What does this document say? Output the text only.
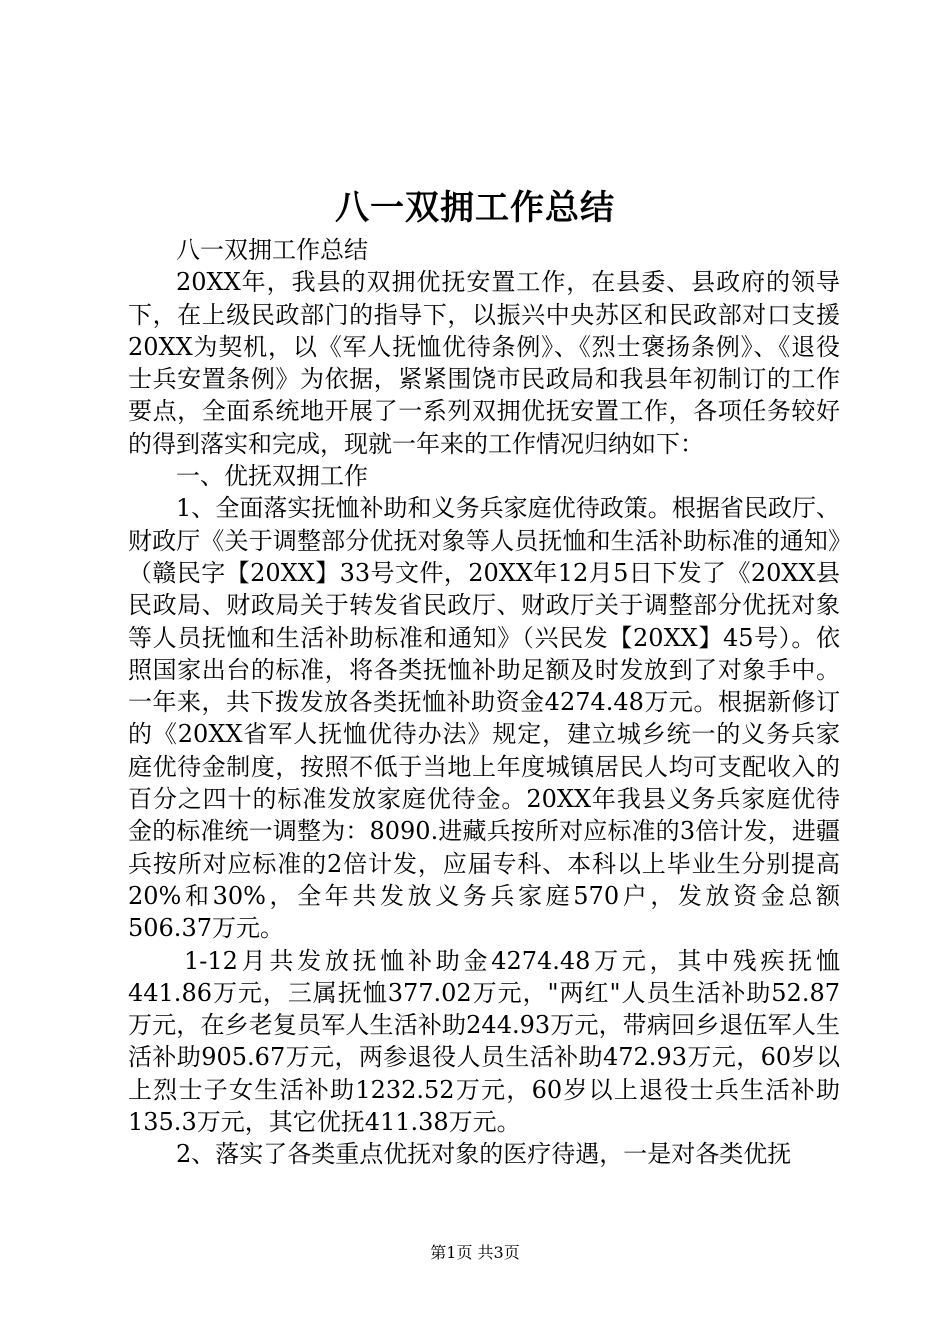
八一双拥工作总结

八一双拥工作总结

20XX年，我县的双拥优抚安置工作，在县委、县政府的领导下，在上级民政部门的指导下，以振兴中央苏区和民政部对口支援20XX为契机，以《军人抚恤优待条例》、《烈士褒扬条例》、《退役士兵安置条例》为依据，紧紧围饶市民政局和我县年初制订的工作要点，全面系统地开展了一系列双拥优抚安置工作，各项任务较好的得到落实和完成，现就一年来的工作情况归纳如下：

一、优抚双拥工作

1、全面落实抚恤补助和义务兵家庭优待政策。根据省民政厅、财政厅《关于调整部分优抚对象等人员抚恤和生活补助标准的通知》（赣民字【20XX】33号文件，20XX年12月5日下发了《20XX县民政局、财政局关于转发省民政厅、财政厅关于调整部分优抚对象等人员抚恤和生活补助标准和通知》（兴民发【20XX】45号）。依照国家出台的标准，将各类抚恤补助足额及时发放到了对象手中。一年来，共下拨发放各类抚恤补助资金4274.48万元。根据新修订的《20XX省军人抚恤优待办法》规定，建立城乡统一的义务兵家庭优待金制度，按照不低于当地上年度城镇居民人均可支配收入的百分之四十的标准发放家庭优待金。20XX年我县义务兵家庭优待金的标准统一调整为：8090.进藏兵按所对应标准的3倍计发，进疆兵按所对应标准的2倍计发，应届专科、本科以上毕业生分别提高20%和30%，全年共发放义务兵家庭570户，发放资金总额506.37万元。

1-12月共发放抚恤补助金4274.48万元，其中残疾抚恤441.86万元，三属抚恤377.02万元，"两红"人员生活补助52.87万元，在乡老复员军人生活补助244.93万元，带病回乡退伍军人生活补助905.67万元，两参退役人员生活补助472.93万元，60岁以上烈士子女生活补助1232.52万元，60岁以上退役士兵生活补助135.3万元，其它优抚411.38万元。

2、落实了各类重点优抚对象的医疗待遇，一是对各类优抚

第1页 共3页
